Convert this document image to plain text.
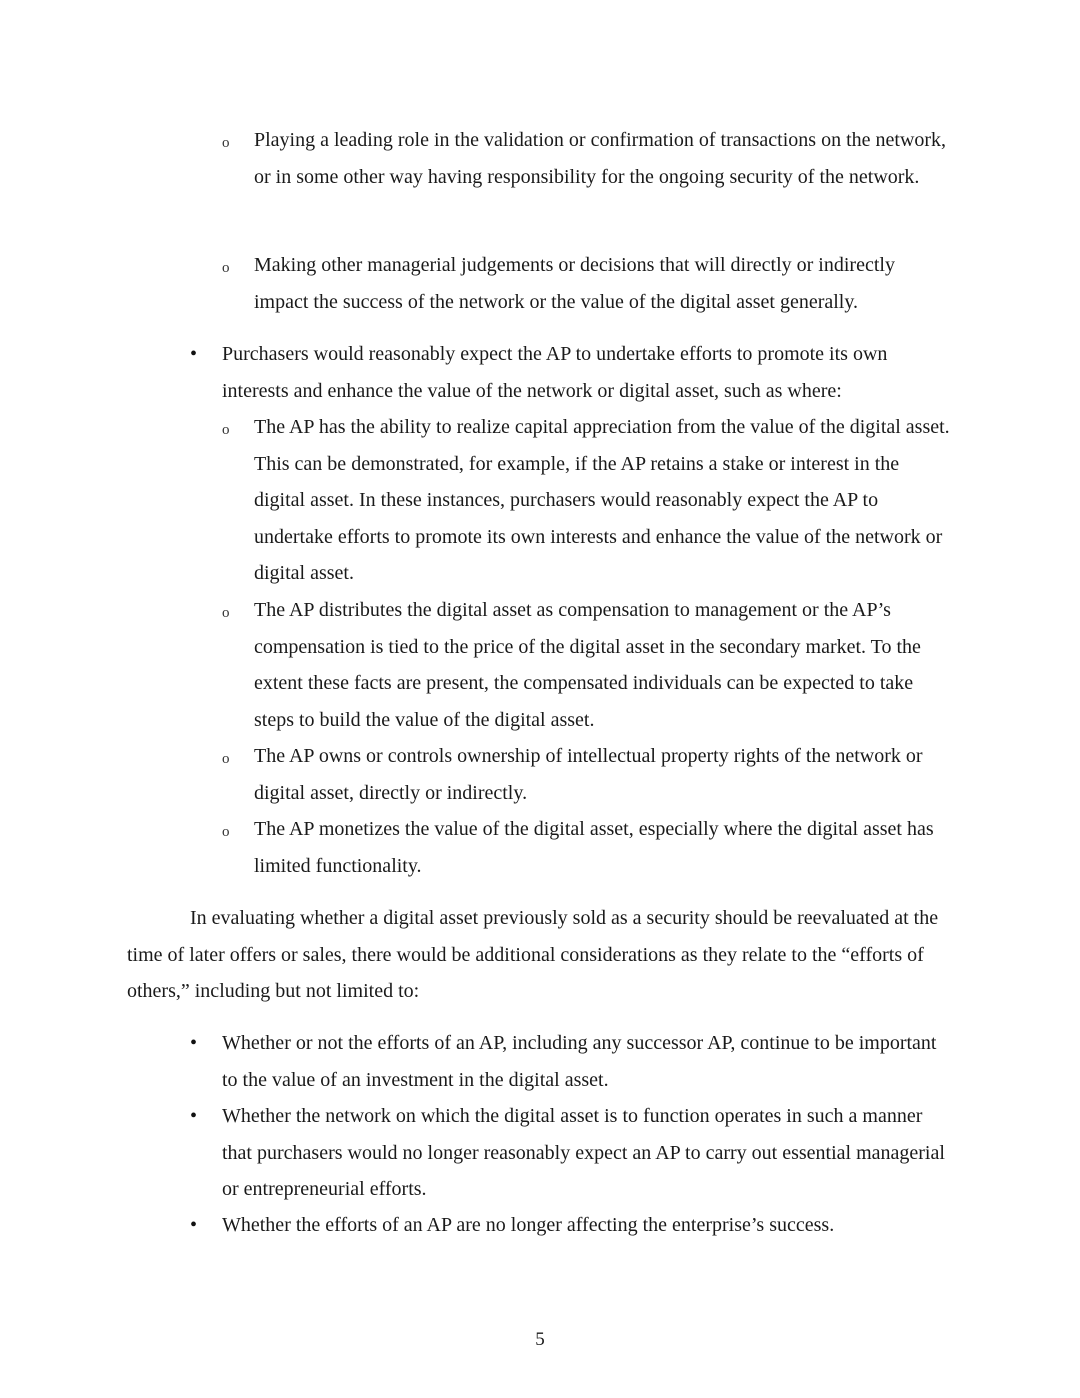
o Playing a leading role in the validation or confirmation of transactions on the network, or in some other way having responsibility for the ongoing security of the network.
o Making other managerial judgements or decisions that will directly or indirectly impact the success of the network or the value of the digital asset generally.
• Purchasers would reasonably expect the AP to undertake efforts to promote its own interests and enhance the value of the network or digital asset, such as where:
o The AP has the ability to realize capital appreciation from the value of the digital asset. This can be demonstrated, for example, if the AP retains a stake or interest in the digital asset. In these instances, purchasers would reasonably expect the AP to undertake efforts to promote its own interests and enhance the value of the network or digital asset.
o The AP distributes the digital asset as compensation to management or the AP’s compensation is tied to the price of the digital asset in the secondary market. To the extent these facts are present, the compensated individuals can be expected to take steps to build the value of the digital asset.
o The AP owns or controls ownership of intellectual property rights of the network or digital asset, directly or indirectly.
o The AP monetizes the value of the digital asset, especially where the digital asset has limited functionality.
In evaluating whether a digital asset previously sold as a security should be reevaluated at the time of later offers or sales, there would be additional considerations as they relate to the “efforts of others,” including but not limited to:
• Whether or not the efforts of an AP, including any successor AP, continue to be important to the value of an investment in the digital asset.
• Whether the network on which the digital asset is to function operates in such a manner that purchasers would no longer reasonably expect an AP to carry out essential managerial or entrepreneurial efforts.
• Whether the efforts of an AP are no longer affecting the enterprise’s success.
5
